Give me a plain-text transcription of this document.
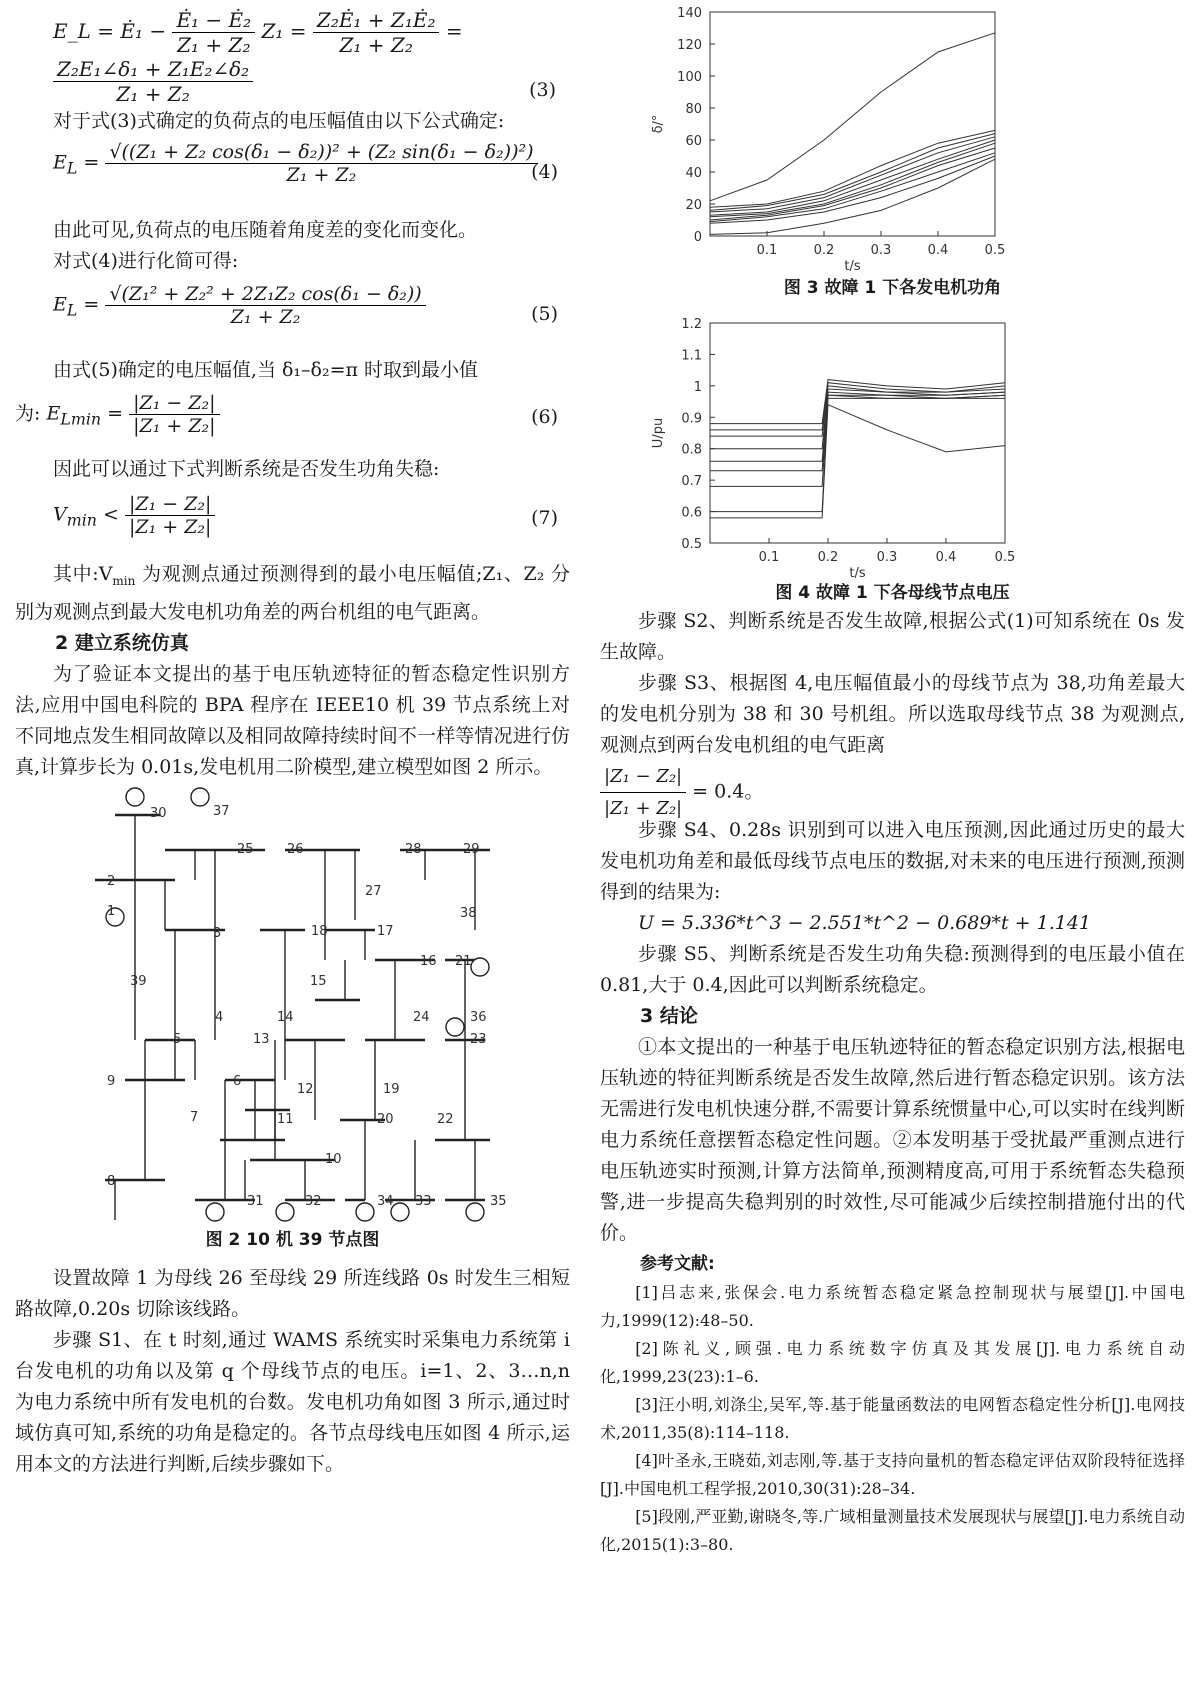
E_L = Ė₁ − $\frac{\text{Ė₁ − Ė₂}}{\text{Z₁ + Z₂}} Z_1 = \frac{\text{Z₂Ė₁ + Z₁Ė₂}}{\text{Z₁ + Z₂}}$ =
$\frac{\text{Z₂E₁∠δ₁ + Z₁E₂∠δ₂}}{\text{Z₁ + Z₂}}$	(3)

对于式(3)式确定的负荷点的电压幅值由以下公式确定:

$E_L = \frac{\text{√((Z₁ + Z₂ cos(δ₁ − δ₂))² + (Z₂ sin(δ₁ − δ₂))²)}}{\text{Z₁ + Z₂}}$
(4)

由此可见,负荷点的电压随着角度差的变化而变化。

对式(4)进行化简可得:

$E_L = \frac{\text{√(Z₁² + Z₂² + 2Z₁Z₂ cos(δ₁ − δ₂))}}{\text{Z₁ + Z₂}}$	(5)

由式(5)确定的电压幅值,当 δ₁–δ₂=π 时取到最小值

为: $E_{Lmin} = \frac{\text{|Z₁ − Z₂|}}{\text{|Z₁ + Z₂|}}$	(6)

因此可以通过下式判断系统是否发生功角失稳:

$V_{min} < \frac{\text{|Z₁ − Z₂|}}{\text{|Z₁ + Z₂|}}$	(7)

其中$:V_{min}$ 为观测点通过预测得到的最小电压幅值;Z₁、Z₂ 分别为观测点到最大发电机功角差的两台机组的电气距离。

2 建立系统仿真

为了验证本文提出的基于电压轨迹特征的暂态稳定性识别方法,应用中国电科院的 BPA 程序在 IEEE10 机 39 节点系统上对不同地点发生相同故障以及相同故障持续时间不一样等情况进行仿真,计算步长为 0.01s,发电机用二阶模型,建立模型如图 2 所示。

30	37
25	26	28	29
2
27
38
1
3	18	17
39
16 21
15
4	14	24	36
5	13	23
9	6
12	19
7	11	20	22
10
8
31	32	34 33	35
图 2 10 机 39 节点图

设置故障 1 为母线 26 至母线 29 所连线路 0s 时发生三相短路故障,0.20s 切除该线路。

步骤 S1、在 t 时刻,通过 WAMS 系统实时采集电力系统第 i 台发电机的功角以及第 q 个母线节点的电压。i=1、2、3…n,n 为电力系统中所有发电机的台数。发电机功角如图 3 所示,通过时域仿真可知,系统的功角是稳定的。各节点母线电压如图 4 所示,运用本文的方法进行判断,后续步骤如下。

0
20
40
60
80
100
120
140
0.1	0.2	0.3	0.4	0.5
t/s
δ/°
图 3 故障 1 下各发电机功角
0.5
0.6
0.7
0.8
0.9
1
1.1
1.2
0.1	0.2	0.3	0.4	0.5
t/s
U/pu
图 4 故障 1 下各母线节点电压

步骤 S2、判断系统是否发生故障,根据公式(1)可知系统在 0s 发生故障。

步骤 S3、根据图 4,电压幅值最小的母线节点为 38,功角差最大的发电机分别为 38 和 30 号机组。所以选取母线节点 38 为观测点,观测点到两台发电机组的电气距离

$\frac{\text{|Z₁ − Z₂|}}{\text{|Z₁ + Z₂|}} = 0.4$。

步骤 S4、0.28s 识别到可以进入电压预测,因此通过历史的最大发电机功角差和最低母线节点电压的数据,对未来的电压进行预测,预测得到的结果为:

U = 5.336*t^3 − 2.551*t^2 − 0.689*t + 1.141

步骤 S5、判断系统是否发生功角失稳:预测得到的电压最小值在 0.81,大于 0.4,因此可以判断系统稳定。

3 结论

①本文提出的一种基于电压轨迹特征的暂态稳定识别方法,根据电压轨迹的特征判断系统是否发生故障,然后进行暂态稳定识别。该方法无需进行发电机快速分群,不需要计算系统惯量中心,可以实时在线判断电力系统任意摆暂态稳定性问题。②本发明基于受扰最严重测点进行电压轨迹实时预测,计算方法简单,预测精度高,可用于系统暂态失稳预警,进一步提高失稳判别的时效性,尽可能减少后续控制措施付出的代价。

参考文献:

[1]吕志来,张保会.电力系统暂态稳定紧急控制现状与展望[J].中国电力,1999(12):48–50.

[2]陈礼义,顾强.电力系统数字仿真及其发展[J].电力系统自动化,1999,23(23):1–6.

[3]汪小明,刘涤尘,吴军,等.基于能量函数法的电网暂态稳定性分析[J].电网技术,2011,35(8):114–118.

[4]叶圣永,王晓茹,刘志刚,等.基于支持向量机的暂态稳定评估双阶段特征选择[J].中国电机工程学报,2010,30(31):28–34.

[5]段刚,严亚勤,谢晓冬,等.广域相量测量技术发展现状与展望[J].电力系统自动化,2015(1):3–80.
